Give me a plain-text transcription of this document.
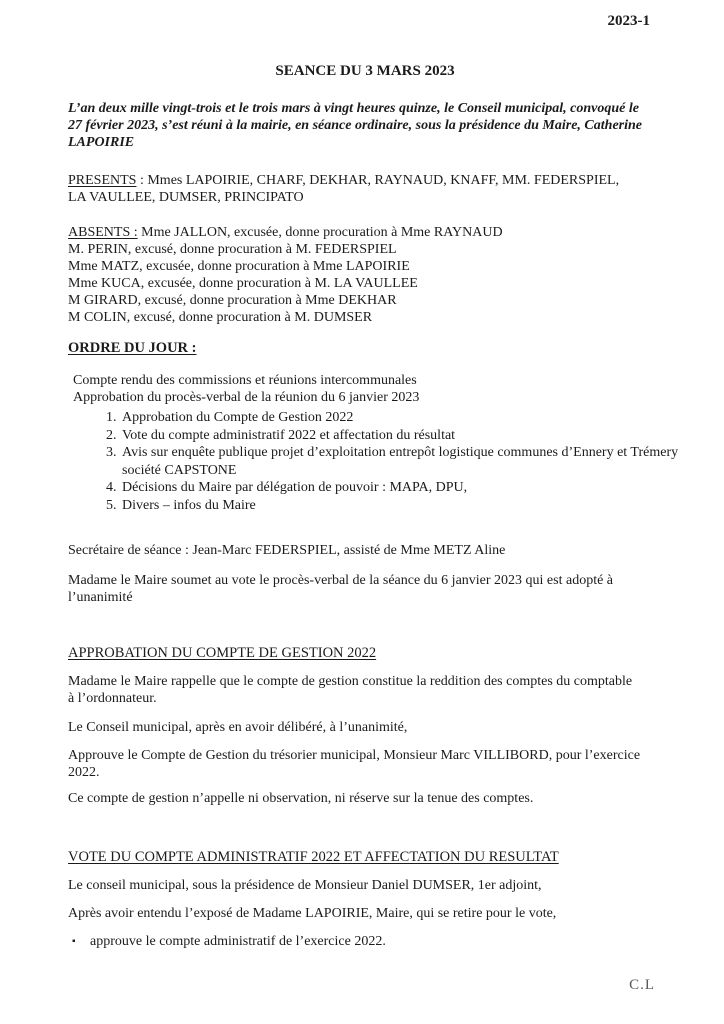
2023-1
SEANCE DU 3 MARS 2023
L’an deux mille vingt-trois et le trois mars à vingt heures quinze, le Conseil municipal, convoqué le
27 février 2023, s’est réuni à la mairie, en séance ordinaire, sous la présidence du Maire, Catherine
LAPOIRIE
PRESENTS : Mmes LAPOIRIE, CHARF, DEKHAR, RAYNAUD, KNAFF, MM. FEDERSPIEL,
LA VAULLEE, DUMSER, PRINCIPATO
ABSENTS : Mme JALLON, excusée, donne procuration à Mme RAYNAUD
M. PERIN, excusé, donne procuration à M. FEDERSPIEL
Mme MATZ, excusée, donne procuration à Mme LAPOIRIE
Mme KUCA, excusée, donne procuration à M. LA VAULLEE
M GIRARD, excusé, donne procuration à Mme DEKHAR
M COLIN, excusé, donne procuration à M. DUMSER
ORDRE DU JOUR :
Compte rendu des commissions et réunions intercommunales
Approbation du procès-verbal de la réunion du 6 janvier 2023
1. Approbation du Compte de Gestion 2022
2. Vote du compte administratif 2022 et affectation du résultat
3. Avis sur enquête publique projet d’exploitation entrepôt logistique communes d’Ennery et Trémery société CAPSTONE
4. Décisions du Maire par délégation de pouvoir : MAPA, DPU,
5. Divers – infos du Maire
Secrétaire de séance : Jean-Marc FEDERSPIEL, assisté de Mme METZ Aline
Madame le Maire soumet au vote le procès-verbal de la séance du 6 janvier 2023 qui est adopté à
l’unanimité
APPROBATION DU COMPTE DE GESTION 2022
Madame le Maire rappelle que le compte de gestion constitue la reddition des comptes du comptable
à l’ordonnateur.
Le Conseil municipal, après en avoir délibéré, à l’unanimité,
Approuve le Compte de Gestion du trésorier municipal, Monsieur Marc VILLIBORD, pour l’exercice
2022.
Ce compte de gestion n’appelle ni observation, ni réserve sur la tenue des comptes.
VOTE DU COMPTE ADMINISTRATIF 2022 ET AFFECTATION DU RESULTAT
Le conseil municipal, sous la présidence de Monsieur Daniel DUMSER, 1er adjoint,
Après avoir entendu l’exposé de Madame LAPOIRIE, Maire, qui se retire pour le vote,
▪ approuve le compte administratif de l’exercice 2022.
C.L
